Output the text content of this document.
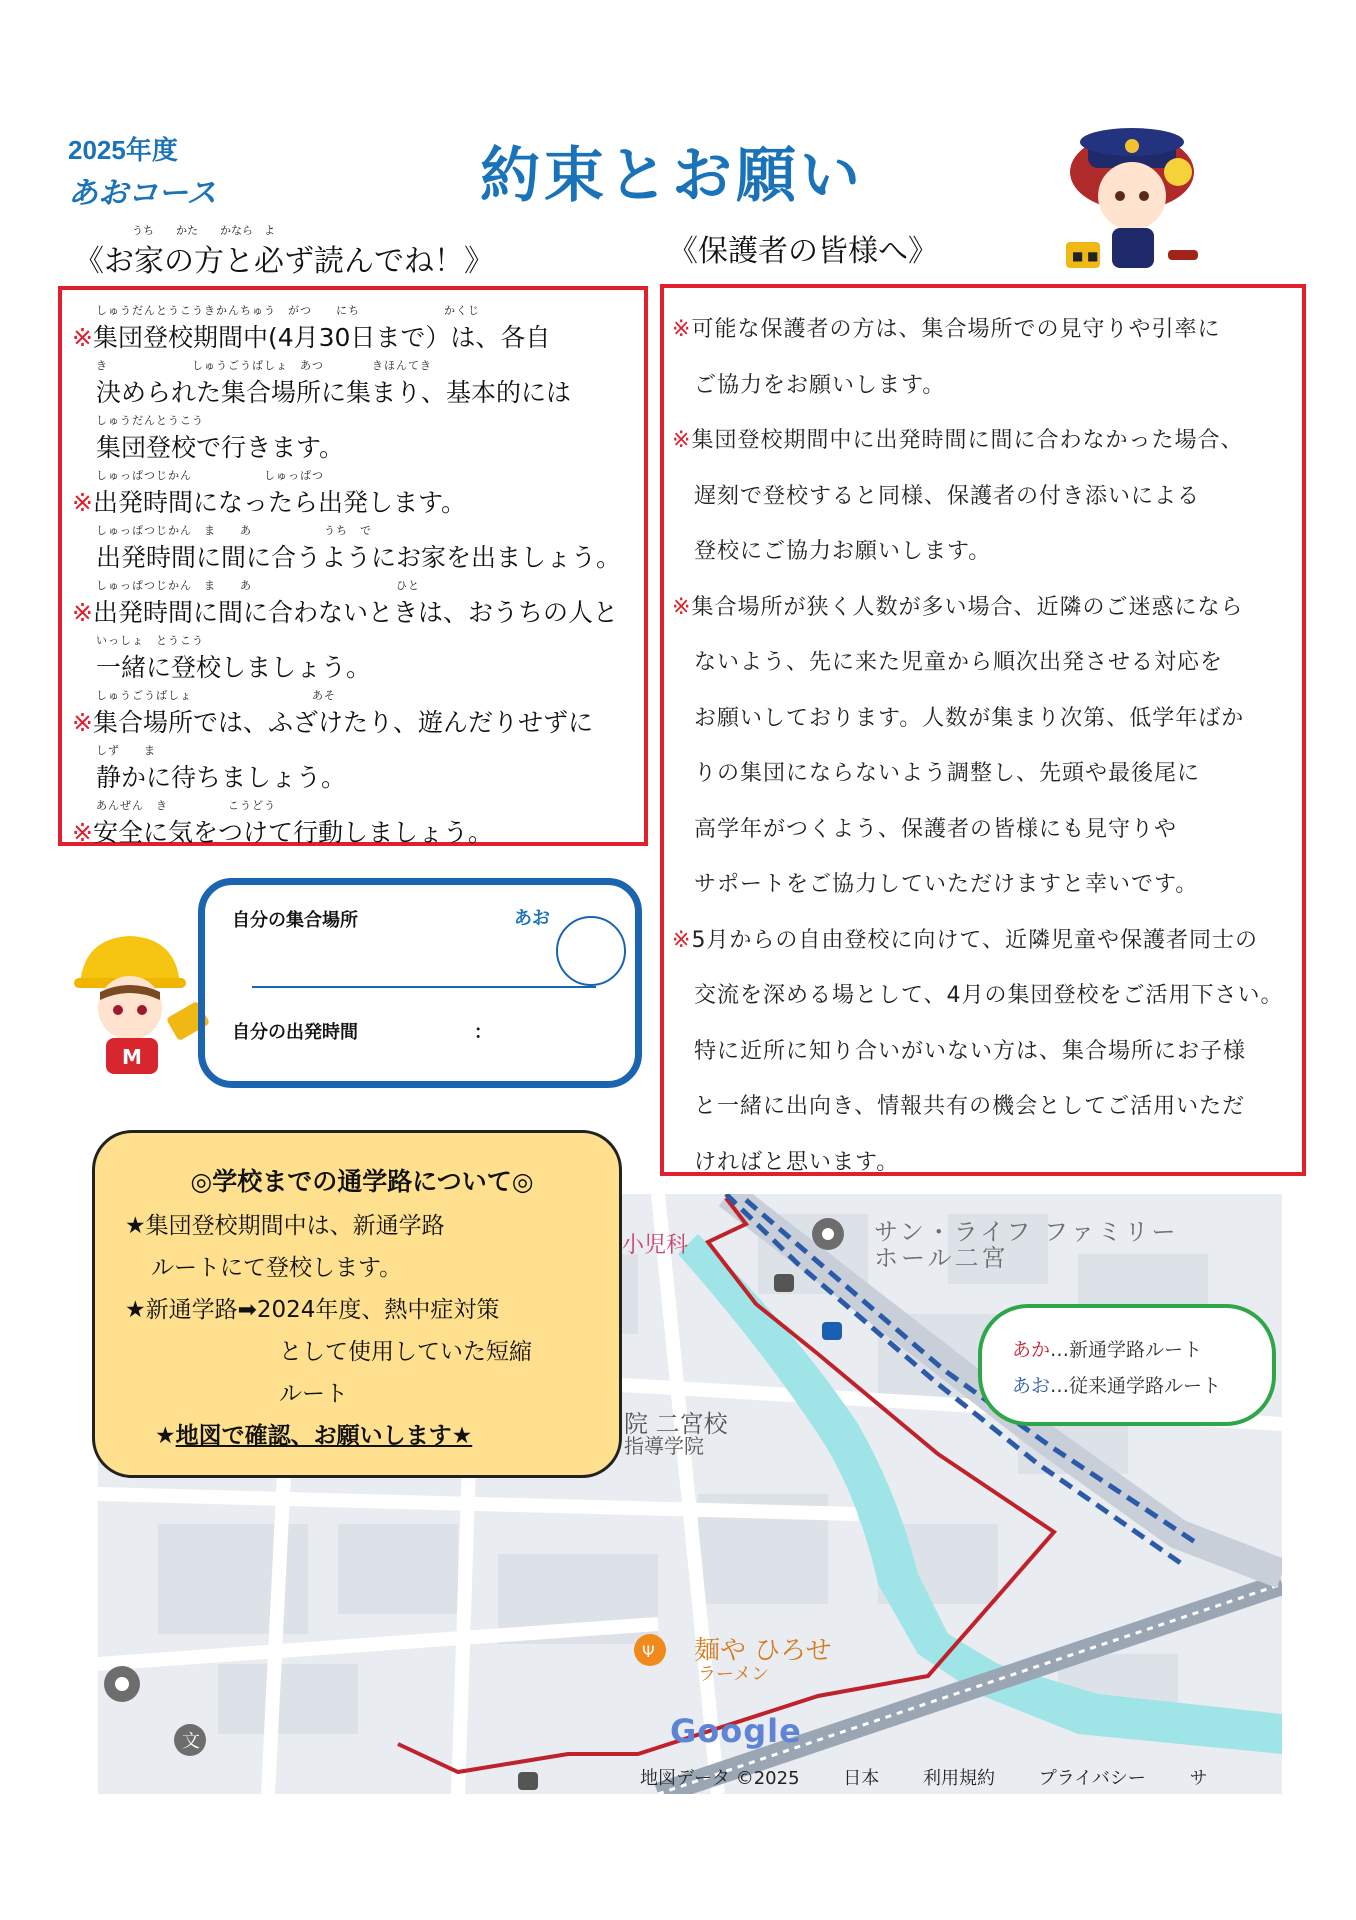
2025年度
あおコース	約束とお願い
■ ■
うち　　かた　　かなら　よ
《お家の方と必ず読んでね！》	《保護者の皆様へ》
しゅうだんとうこうきかんちゅう　がつ　　にち　　　　　　　かくじ
※集団登校期間中(4月30日まで）は、各自
き　　　　　　　しゅうごうばしょ　あつ　　　　きほんてき
決められた集合場所に集まり、基本的には
しゅうだんとうこう
集団登校で行きます。
しゅっぱつじかん　　　　　　しゅっぱつ
※出発時間になったら出発します。
しゅっぱつじかん　ま　　あ　　　　　　うち　で
出発時間に間に合うようにお家を出ましょう。
しゅっぱつじかん　ま　　あ　　　　　　　　　　　　ひと
※出発時間に間に合わないときは、おうちの人と
いっしょ　とうこう
一緒に登校しましょう。
しゅうごうばしょ　　　　　　　　　　あそ
※集合場所では、ふざけたり、遊んだりせずに
しず　　ま
静かに待ちましょう。
あんぜん　き　　　　　こうどう
※安全に気をつけて行動しましょう。
※可能な保護者の方は、集合場所での見守りや引率に
ご協力をお願いします。
※集団登校期間中に出発時間に間に合わなかった場合、
遅刻で登校すると同様、保護者の付き添いによる
登校にご協力お願いします。
※集合場所が狭く人数が多い場合、近隣のご迷惑になら
ないよう、先に来た児童から順次出発させる対応を
お願いしております。人数が集まり次第、低学年ばか
りの集団にならないよう調整し、先頭や最後尾に
高学年がつくよう、保護者の皆様にも見守りや
サポートをご協力していただけますと幸いです。
※5月からの自由登校に向けて、近隣児童や保護者同士の
交流を深める場として、4月の集団登校をご活用下さい。
特に近所に知り合いがいない方は、集合場所にお子様
と一緒に出向き、情報共有の機会としてご活用いただ
ければと思います。
M
自分の集合場所	あお
自分の出発時間	：
文
Ψ
小児科	サン・ライフ ファミリー
ホール二宮
院 二宮校
指導学院
麺や ひろせ
ラーメン
Google
地図データ ©2025 日本 利用規約 プライバシー サ
◎学校までの通学路について◎
★集団登校期間中は、新通学路
ルートにて登校します。
★新通学路➡2024年度、熱中症対策
として使用していた短縮
ルート
★地図で確認、お願いします★
あか…新通学路ルート
あお…従来通学路ルート
